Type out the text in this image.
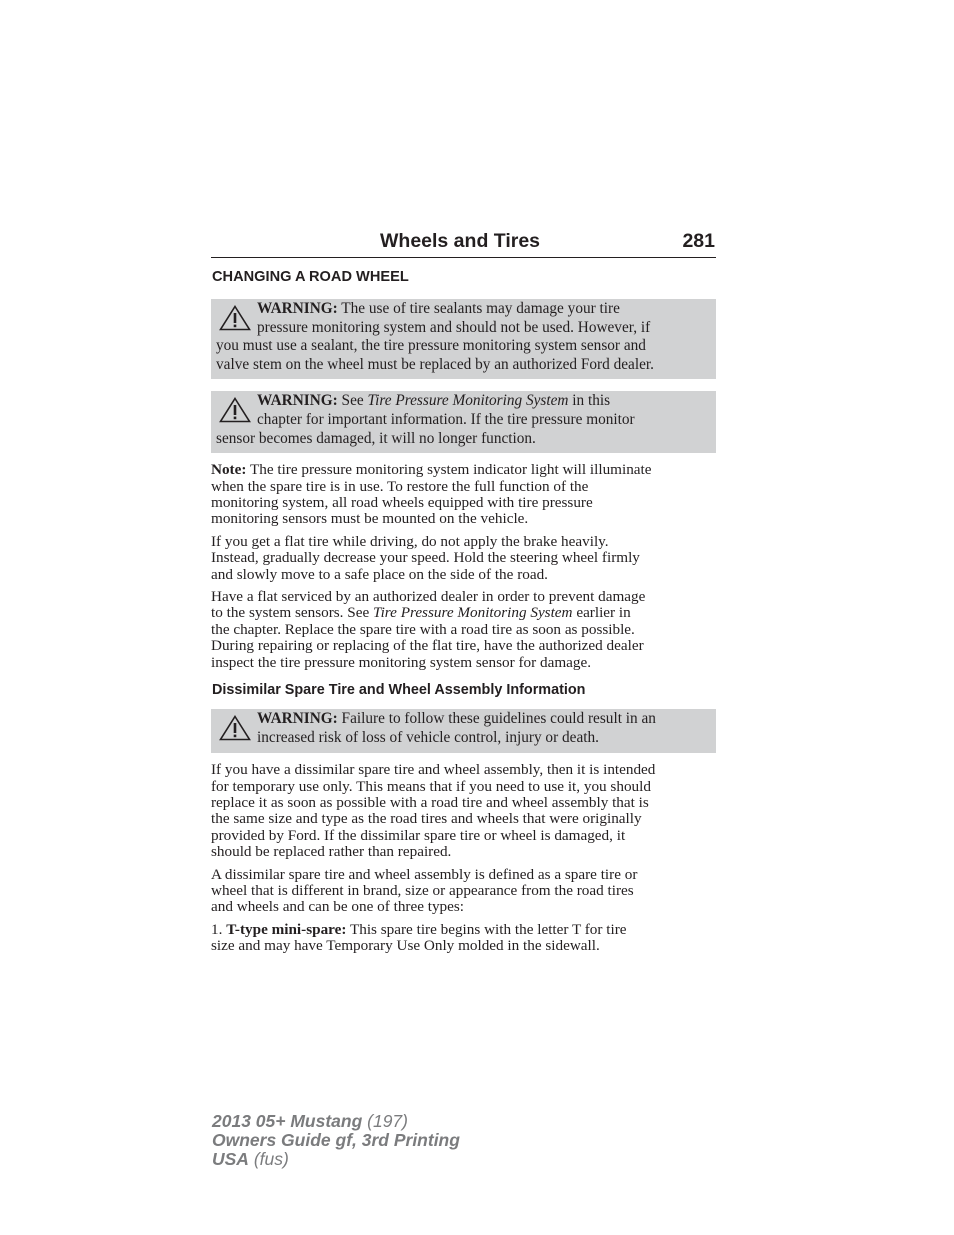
Wheels and Tires	281
CHANGING A ROAD WHEEL
WARNING: The use of tire sealants may damage your tire
pressure monitoring system and should not be used. However, if
you must use a sealant, the tire pressure monitoring system sensor and
valve stem on the wheel must be replaced by an authorized Ford dealer.
WARNING: See Tire Pressure Monitoring System in this
chapter for important information. If the tire pressure monitor
sensor becomes damaged, it will no longer function.
Note: The tire pressure monitoring system indicator light will illuminate
when the spare tire is in use. To restore the full function of the
monitoring system, all road wheels equipped with tire pressure
monitoring sensors must be mounted on the vehicle.
If you get a flat tire while driving, do not apply the brake heavily.
Instead, gradually decrease your speed. Hold the steering wheel firmly
and slowly move to a safe place on the side of the road.
Have a flat serviced by an authorized dealer in order to prevent damage
to the system sensors. See Tire Pressure Monitoring System earlier in
the chapter. Replace the spare tire with a road tire as soon as possible.
During repairing or replacing of the flat tire, have the authorized dealer
inspect the tire pressure monitoring system sensor for damage.
Dissimilar Spare Tire and Wheel Assembly Information
WARNING: Failure to follow these guidelines could result in an
increased risk of loss of vehicle control, injury or death.
If you have a dissimilar spare tire and wheel assembly, then it is intended
for temporary use only. This means that if you need to use it, you should
replace it as soon as possible with a road tire and wheel assembly that is
the same size and type as the road tires and wheels that were originally
provided by Ford. If the dissimilar spare tire or wheel is damaged, it
should be replaced rather than repaired.
A dissimilar spare tire and wheel assembly is defined as a spare tire or
wheel that is different in brand, size or appearance from the road tires
and wheels and can be one of three types:
1. T-type mini-spare: This spare tire begins with the letter T for tire
size and may have Temporary Use Only molded in the sidewall.
2013 05+ Mustang (197)
Owners Guide gf, 3rd Printing
USA (fus)
